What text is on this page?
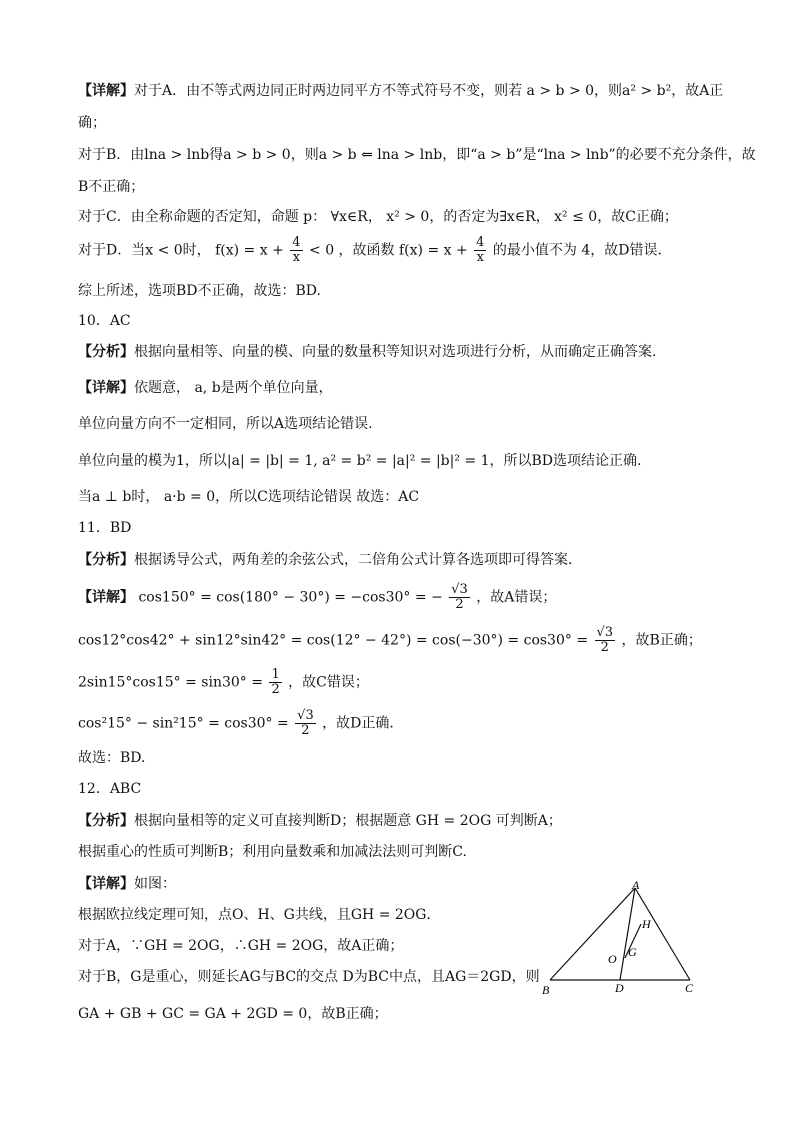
【详解】对于A．由不等式两边同正时两边同平方不等式符号不变，则若 a > b > 0，则a² > b²，故A正
确；
对于B．由lna > lnb得a > b > 0，则a > b ⇐ lna > lnb，即“a > b”是“lna > lnb”的必要不充分条件，故
B不正确；
对于C．由全称命题的否定知，命题 p： ∀x∈R， x² > 0，的否定为∃x∈R， x² ≤ 0，故C正确；
对于D．当x < 0时， $f(x) = x + \frac{4}{x} < 0$ ，故函数 $f(x) = x + \frac{4}{x}$ 的最小值不为 4，故D错误．
综上所述，选项BD不正确，故选：BD.
10．AC
【分析】根据向量相等、向量的模、向量的数量积等知识对选项进行分析，从而确定正确答案.
【详解】依题意， a, b是两个单位向量，
单位向量方向不一定相同，所以A选项结论错误.
单位向量的模为1，所以|a| = |b| = 1, a² = b² = |a|² = |b|² = 1，所以BD选项结论正确.
当a ⊥ b时， a·b = 0，所以C选项结论错误 故选：AC
11．BD
【分析】根据诱导公式，两角差的余弦公式，二倍角公式计算各选项即可得答案．
【详解】 cos150° = cos(180° − 30°) = −cos30° = − $\frac{√3}{2}$ ，故A错误；
$\cos 12^\circ\cos 42^\circ + \sin 12^\circ\sin 42^\circ = \cos(12^\circ - 42^\circ) = \cos(-30^\circ) = \cos 30^\circ = \frac{√3}{2}$ ，故B正确；
$2\sin 15^\circ\cos 15^\circ = \sin 30^\circ = \frac{1}{2}$ ，故C错误；
$\cos^215^\circ - \sin^215^\circ = \cos 30^\circ = \frac{√3}{2}$ ，故D正确．
故选：BD.
12．ABC
【分析】根据向量相等的定义可直接判断D；根据题意 GH = 2OG 可判断A；
根据重心的性质可判断B；利用向量数乘和加减法法则可判断C.
【详解】如图：
根据欧拉线定理可知，点O、H、G共线，且GH = 2OG．
对于A，∵GH = 2OG，∴GH = 2OG，故A正确；
对于B，G是重心，则延长AG与BC的交点 D为BC中点，且AG＝2GD，则
GA + GB + GC = GA + 2GD = 0，故B正确；
A
B	C
D
H
O G
